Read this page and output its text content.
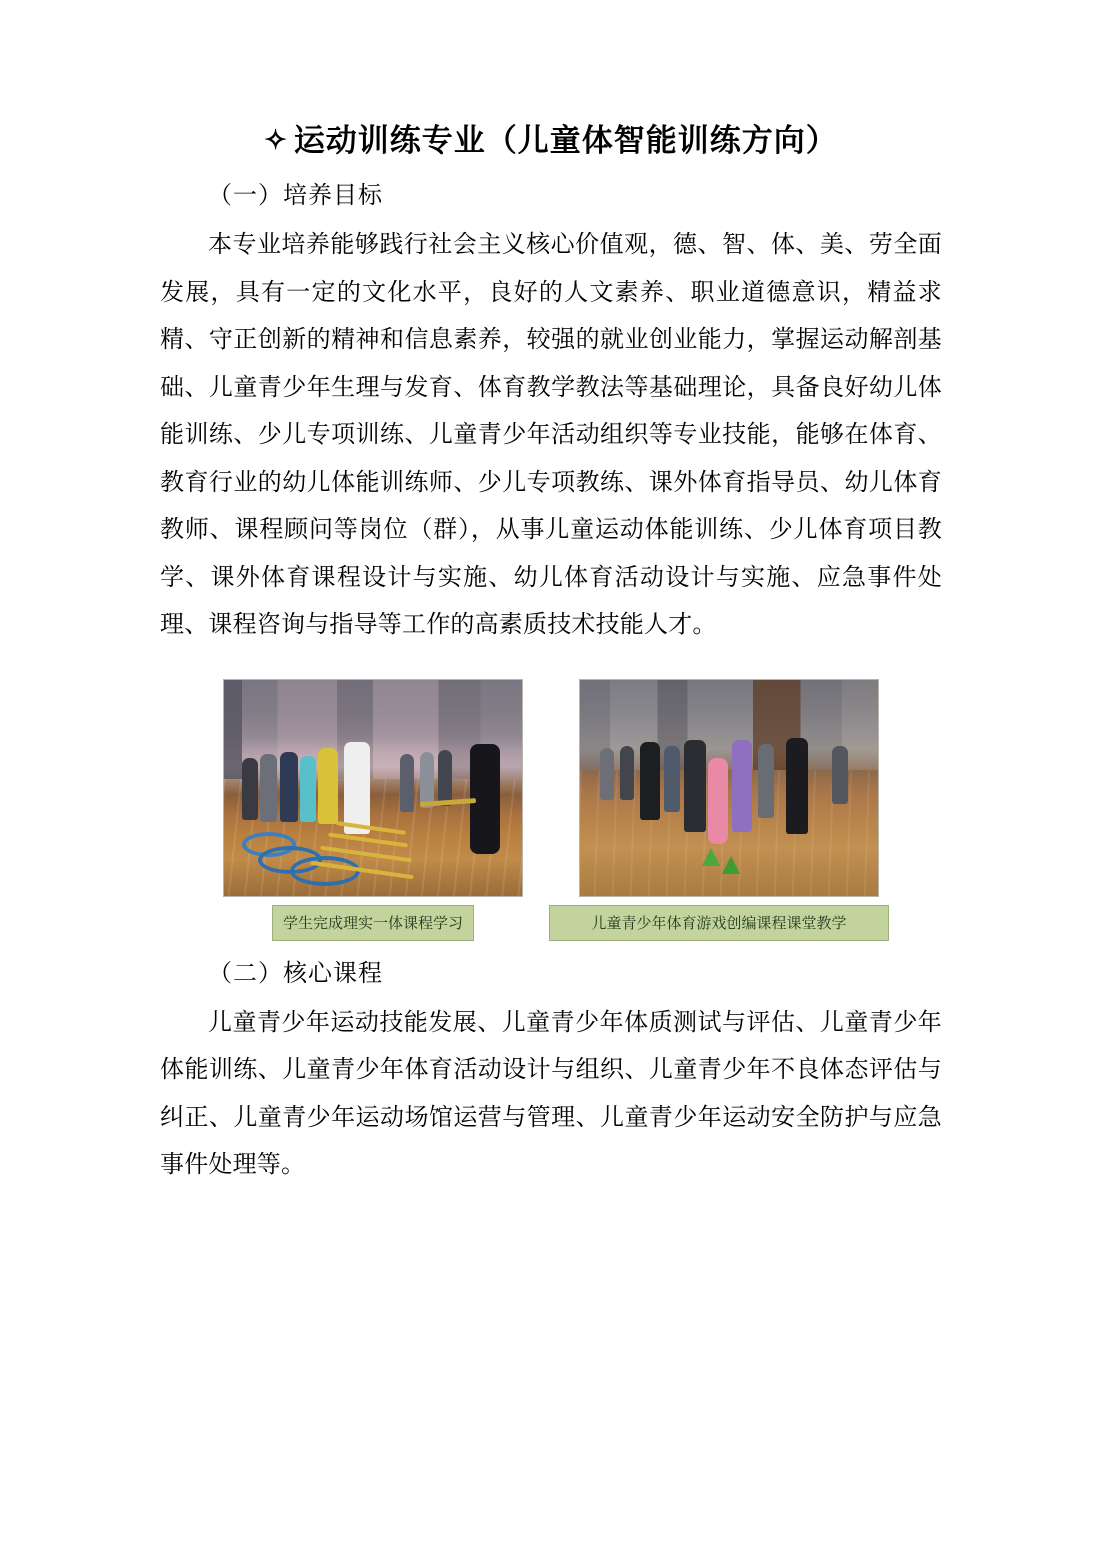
✧ 运动训练专业（儿童体智能训练方向）
（一）培养目标

本专业培养能够践行社会主义核心价值观，德、智、体、美、劳全面发展，具有一定的文化水平，良好的人文素养、职业道德意识，精益求精、守正创新的精神和信息素养，较强的就业创业能力，掌握运动解剖基础、儿童青少年生理与发育、体育教学教法等基础理论，具备良好幼儿体能训练、少儿专项训练、儿童青少年活动组织等专业技能，能够在体育、教育行业的幼儿体能训练师、少儿专项教练、课外体育指导员、幼儿体育教师、课程顾问等岗位（群），从事儿童运动体能训练、少儿体育项目教学、课外体育课程设计与实施、幼儿体育活动设计与实施、应急事件处理、课程咨询与指导等工作的高素质技术技能人才。

学生完成理实一体课程学习	儿童青少年体育游戏创编课程课堂教学
（二）核心课程

儿童青少年运动技能发展、儿童青少年体质测试与评估、儿童青少年体能训练、儿童青少年体育活动设计与组织、儿童青少年不良体态评估与纠正、儿童青少年运动场馆运营与管理、儿童青少年运动安全防护与应急事件处理等。
